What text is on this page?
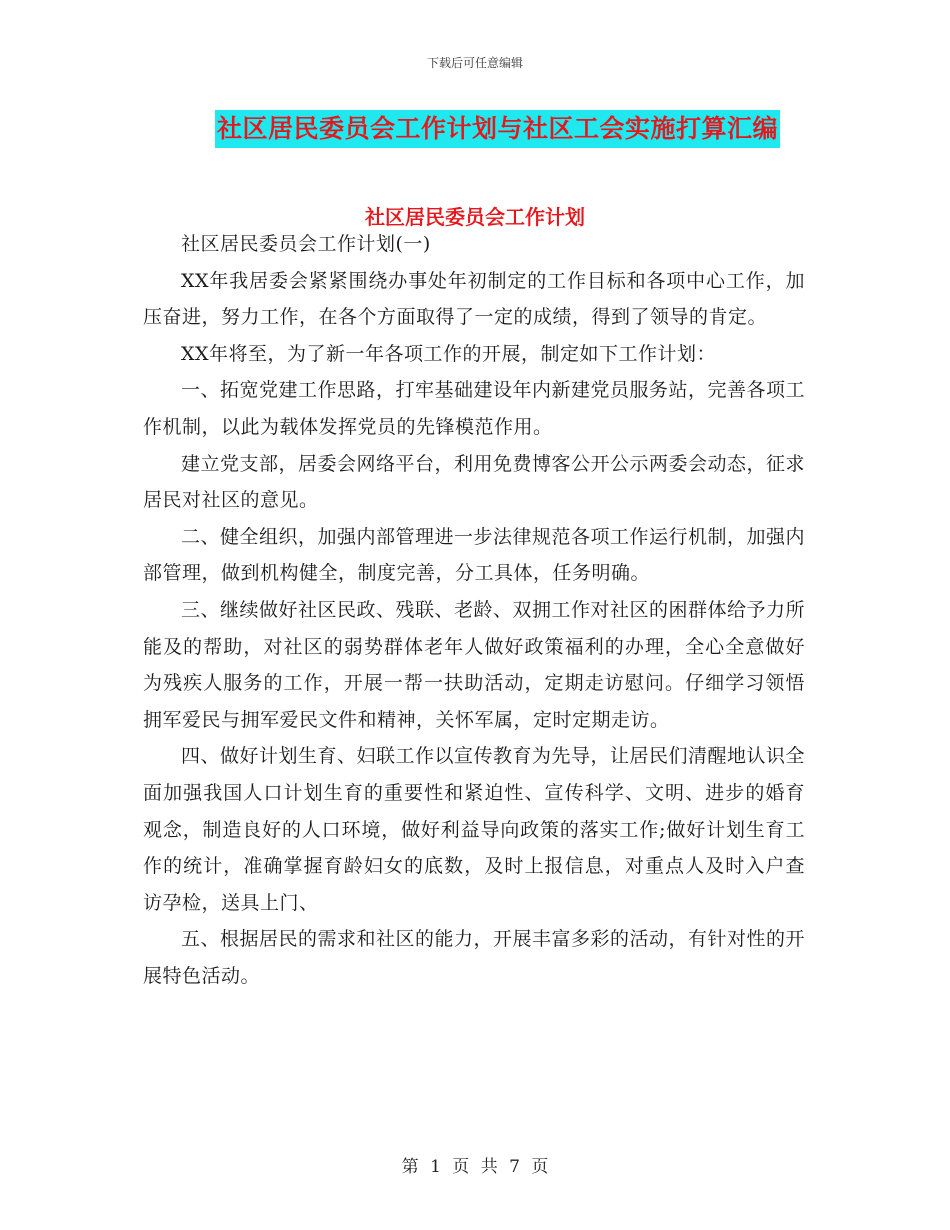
下载后可任意编辑
社区居民委员会工作计划与社区工会实施打算汇编
社区居民委员会工作计划

社区居民委员会工作计划(一)

XX年我居委会紧紧围绕办事处年初制定的工作目标和各项中心工作，加压奋进，努力工作，在各个方面取得了一定的成绩，得到了领导的肯定。

XX年将至，为了新一年各项工作的开展，制定如下工作计划：

一、拓宽党建工作思路，打牢基础建设年内新建党员服务站，完善各项工作机制，以此为载体发挥党员的先锋模范作用。

建立党支部，居委会网络平台，利用免费博客公开公示两委会动态，征求居民对社区的意见。

二、健全组织，加强内部管理进一步法律规范各项工作运行机制，加强内部管理，做到机构健全，制度完善，分工具体，任务明确。

三、继续做好社区民政、残联、老龄、双拥工作对社区的困群体给予力所能及的帮助，对社区的弱势群体老年人做好政策福利的办理，全心全意做好为残疾人服务的工作，开展一帮一扶助活动，定期走访慰问。仔细学习领悟拥军爱民与拥军爱民文件和精神，关怀军属，定时定期走访。

四、做好计划生育、妇联工作以宣传教育为先导，让居民们清醒地认识全面加强我国人口计划生育的重要性和紧迫性、宣传科学、文明、进步的婚育观念，制造良好的人口环境，做好利益导向政策的落实工作;做好计划生育工作的统计，准确掌握育龄妇女的底数，及时上报信息，对重点人及时入户查访孕检，送具上门、

五、根据居民的需求和社区的能力，开展丰富多彩的活动，有针对性的开展特色活动。

第 1 页 共 7 页
